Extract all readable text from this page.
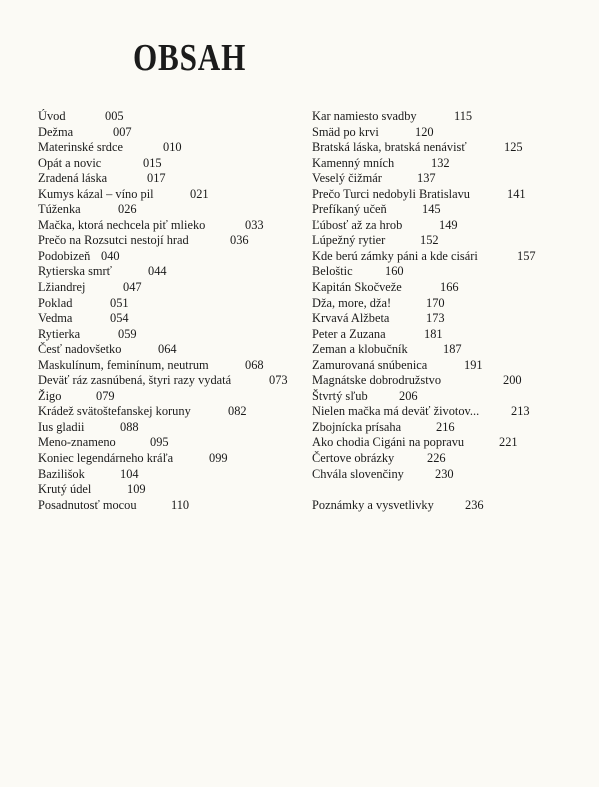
OBSAH
Úvod	005
Dežma	007
Materinské srdce	010
Opát a novic	015
Zradená láska	017
Kumys kázal – víno pil	021
Túženka	026
Mačka, ktorá nechcela piť mlieko	033
Prečo na Rozsutci nestojí hrad	036
Podobizeň 040
Rytierska smrť	044
Lžiandrej	047
Poklad	051
Vedma	054
Rytierka	059
Česť nadovšetko	064
Maskulínum, feminínum, neutrum	068
Deväť ráz zasnúbená, štyri razy vydatá	073
Žigo	079
Krádež svätoštefanskej koruny	082
Ius gladii	088
Meno-znameno	095
Koniec legendárneho kráľa	099
Bazilišok	104
Krutý údel	109
Posadnutosť mocou	110
Kar namiesto svadby	115
Smäd po krvi	120
Bratská láska, bratská nenávisť	125
Kamenný mních	132
Veselý čižmár	137
Prečo Turci nedobyli Bratislavu	141
Prefíkaný učeň	145
Ľúbosť až za hrob	149
Lúpežný rytier	152
Kde berú zámky páni a kde cisári	157
Beloštic	160
Kapitán Skočveže	166
Dža, more, dža!	170
Krvavá Alžbeta	173
Peter a Zuzana	181
Zeman a klobučník	187
Zamurovaná snúbenica	191
Magnátske dobrodružstvo	200
Štvrtý sľub	206
Nielen mačka má deväť životov...	213
Zbojnícka prísaha	216
Ako chodia Cigáni na popravu	221
Čertove obrázky	226
Chvála slovenčiny	230
Poznámky a vysvetlivky	236
